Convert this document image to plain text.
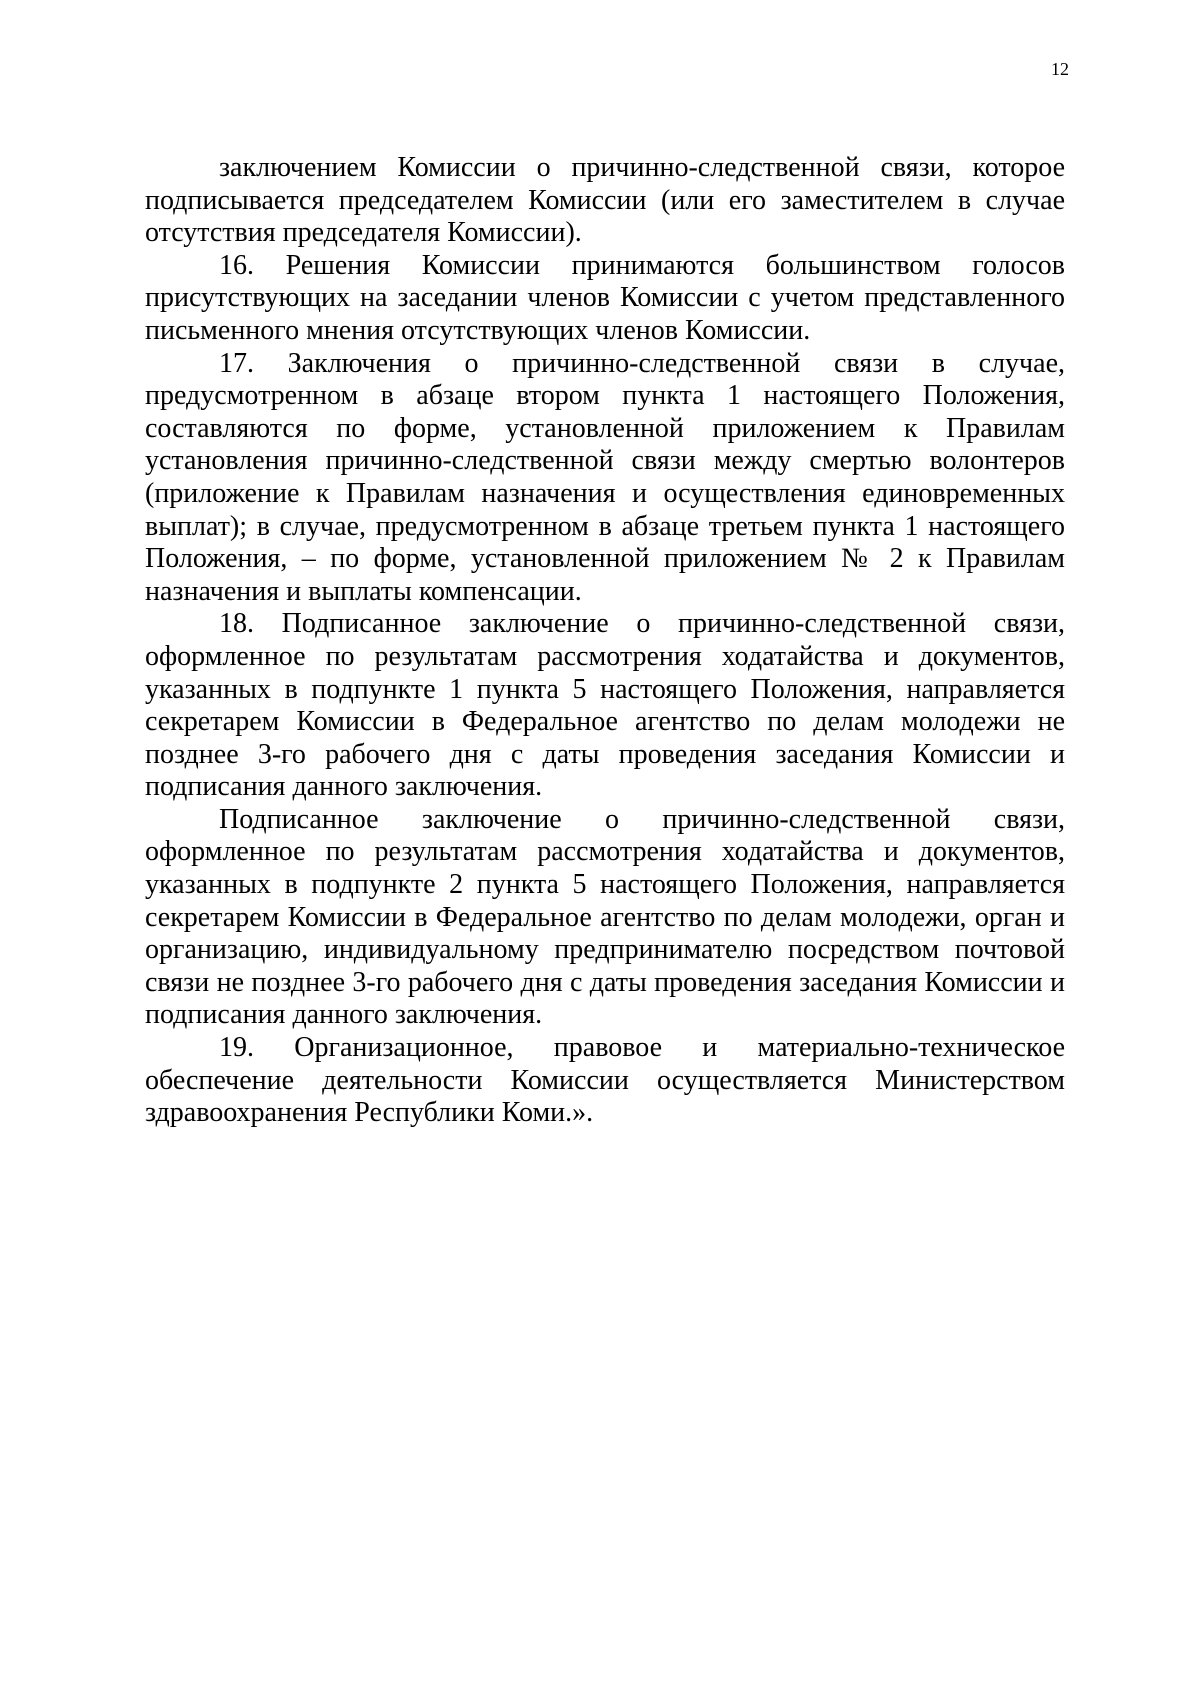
12

заключением Комиссии о причинно-следственной связи, которое подписывается председателем Комиссии (или его заместителем в случае отсутствия председателя Комиссии).

16. Решения Комиссии принимаются большинством голосов присутствующих на заседании членов Комиссии с учетом представленного письменного мнения отсутствующих членов Комиссии.

17. Заключения о причинно-следственной связи в случае, предусмотренном в абзаце втором пункта 1 настоящего Положения, составляются по форме, установленной приложением к Правилам установления причинно-следственной связи между смертью волонтеров (приложение к Правилам назначения и осуществления единовременных выплат); в случае, предусмотренном в абзаце третьем пункта 1 настоящего Положения, – по форме, установленной приложением № 2 к Правилам назначения и выплаты компенсации.

18. Подписанное заключение о причинно-следственной связи, оформленное по результатам рассмотрения ходатайства и документов, указанных в подпункте 1 пункта 5 настоящего Положения, направляется секретарем Комиссии в Федеральное агентство по делам молодежи не позднее 3-го рабочего дня с даты проведения заседания Комиссии и подписания данного заключения.

Подписанное заключение о причинно-следственной связи, оформленное по результатам рассмотрения ходатайства и документов, указанных в подпункте 2 пункта 5 настоящего Положения, направляется секретарем Комиссии в Федеральное агентство по делам молодежи, орган и организацию, индивидуальному предпринимателю посредством почтовой связи не позднее 3-го рабочего дня с даты проведения заседания Комиссии и подписания данного заключения.

19. Организационное, правовое и материально-техническое обеспечение деятельности Комиссии осуществляется Министерством здравоохранения Республики Коми.».
